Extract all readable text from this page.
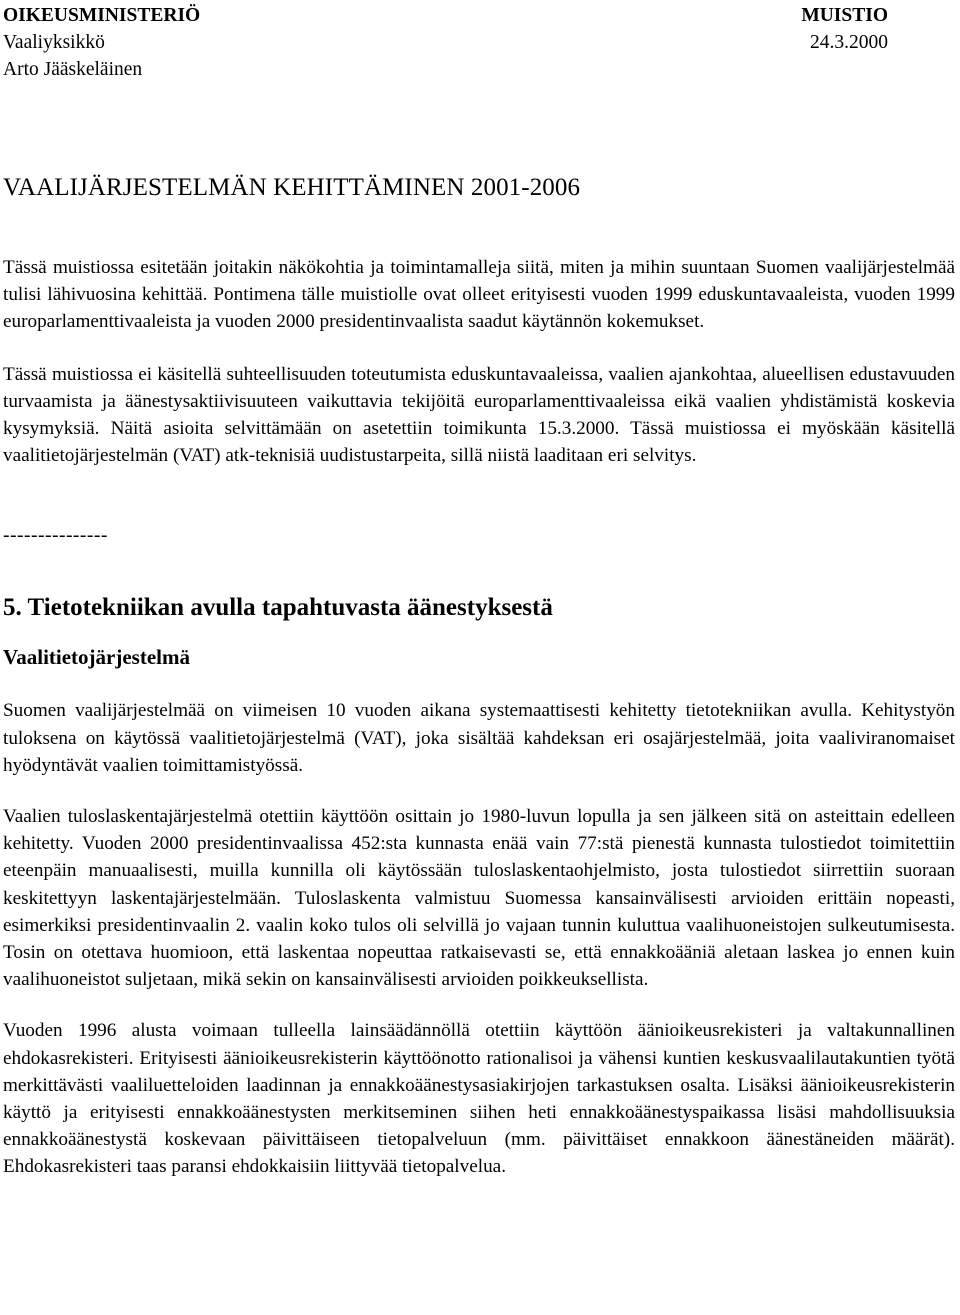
OIKEUSMINISTERIÖ	MUISTIO
Vaaliyksikkö	24.3.2000
Arto Jääskeläinen
VAALIJÄRJESTELMÄN KEHITTÄMINEN 2001-2006

Tässä muistiossa esitetään joitakin näkökohtia ja toimintamalleja siitä, miten ja mihin suuntaan Suomen vaalijärjestelmää tulisi lähivuosina kehittää. Pontimena tälle muistiolle ovat olleet erityisesti vuoden 1999 eduskuntavaaleista, vuoden 1999 europarlamenttivaaleista ja vuoden 2000 presidentinvaalista saadut käytännön kokemukset.

Tässä muistiossa ei käsitellä suhteellisuuden toteutumista eduskuntavaaleissa, vaalien ajankohtaa, alueellisen edustavuuden turvaamista ja äänestysaktiivisuuteen vaikuttavia tekijöitä europarlamenttivaaleissa eikä vaalien yhdistämistä koskevia kysymyksiä. Näitä asioita selvittämään on asetettiin toimikunta 15.3.2000. Tässä muistiossa ei myöskään käsitellä vaalitietojärjestelmän (VAT) atk-teknisiä uudistustarpeita, sillä niistä laaditaan eri selvitys.

---------------
5. Tietotekniikan avulla tapahtuvasta äänestyksestä
Vaalitietojärjestelmä

Suomen vaalijärjestelmää on viimeisen 10 vuoden aikana systemaattisesti kehitetty tietotekniikan avulla. Kehitystyön tuloksena on käytössä vaalitietojärjestelmä (VAT), joka sisältää kahdeksan eri osajärjestelmää, joita vaaliviranomaiset hyödyntävät vaalien toimittamistyössä.

Vaalien tuloslaskentajärjestelmä otettiin käyttöön osittain jo 1980-luvun lopulla ja sen jälkeen sitä on asteittain edelleen kehitetty. Vuoden 2000 presidentinvaalissa 452:sta kunnasta enää vain 77:stä pienestä kunnasta tulostiedot toimitettiin eteenpäin manuaalisesti, muilla kunnilla oli käytössään tuloslaskentaohjelmisto, josta tulostiedot siirrettiin suoraan keskitettyyn laskentajärjestelmään. Tuloslaskenta valmistuu Suomessa kansainvälisesti arvioiden erittäin nopeasti, esimerkiksi presidentinvaalin 2. vaalin koko tulos oli selvillä jo vajaan tunnin kuluttua vaalihuoneistojen sulkeutumisesta. Tosin on otettava huomioon, että laskentaa nopeuttaa ratkaisevasti se, että ennakkoääniä aletaan laskea jo ennen kuin vaalihuoneistot suljetaan, mikä sekin on kansainvälisesti arvioiden poikkeuksellista.

Vuoden 1996 alusta voimaan tulleella lainsäädännöllä otettiin käyttöön äänioikeusrekisteri ja valtakunnallinen ehdokasrekisteri. Erityisesti äänioikeusrekisterin käyttöönotto rationalisoi ja vähensi kuntien keskusvaalilautakuntien työtä merkittävästi vaaliluetteloiden laadinnan ja ennakkoäänestysasiakirjojen tarkastuksen osalta. Lisäksi äänioikeusrekisterin käyttö ja erityisesti ennakkoäänestysten merkitseminen siihen heti ennakkoäänestyspaikassa lisäsi mahdollisuuksia ennakkoäänestystä koskevaan päivittäiseen tietopalveluun (mm. päivittäiset ennakkoon äänestäneiden määrät). Ehdokasrekisteri taas paransi ehdokkaisiin liittyvää tietopalvelua.
